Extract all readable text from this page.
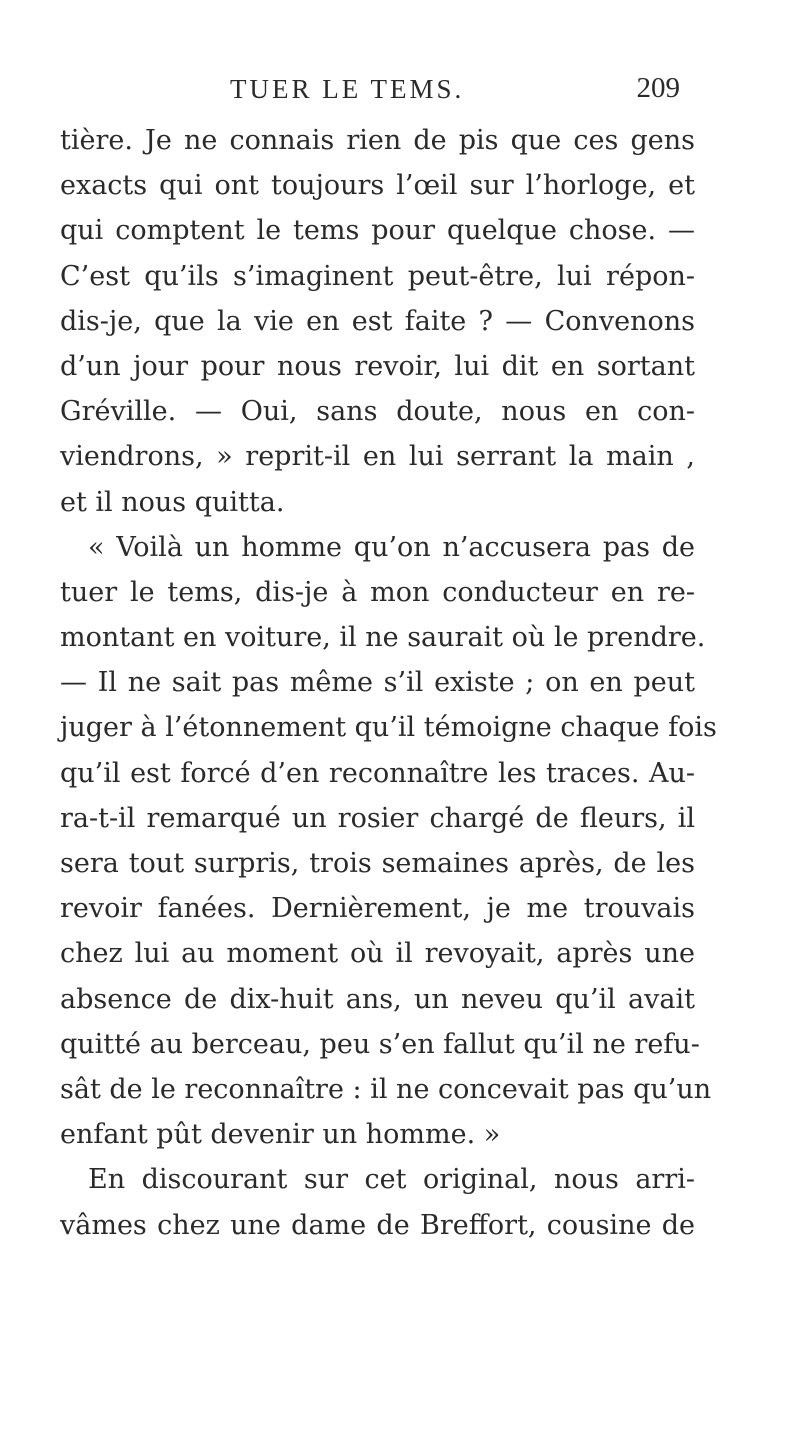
TUER LE TEMS.	209
tière. Je ne connais rien de pis que ces gens
exacts qui ont toujours l’œil sur l’horloge, et
qui comptent le tems pour quelque chose. —
C’est qu’ils s’imaginent peut-être, lui répon-
dis-je, que la vie en est faite ? — Convenons
d’un jour pour nous revoir, lui dit en sortant
Gréville. — Oui, sans doute, nous en con-
viendrons, » reprit-il en lui serrant la main ,
et il nous quitta.
« Voilà un homme qu’on n’accusera pas de
tuer le tems, dis-je à mon conducteur en re-
montant en voiture, il ne saurait où le prendre.
— Il ne sait pas même s’il existe ; on en peut
juger à l’étonnement qu’il témoigne chaque fois
qu’il est forcé d’en reconnaître les traces. Au-
ra-t-il remarqué un rosier chargé de fleurs, il
sera tout surpris, trois semaines après, de les
revoir fanées. Dernièrement, je me trouvais
chez lui au moment où il revoyait, après une
absence de dix-huit ans, un neveu qu’il avait
quitté au berceau, peu s’en fallut qu’il ne refu-
sât de le reconnaître : il ne concevait pas qu’un
enfant pût devenir un homme. »
En discourant sur cet original, nous arri-
vâmes chez une dame de Breffort, cousine de
